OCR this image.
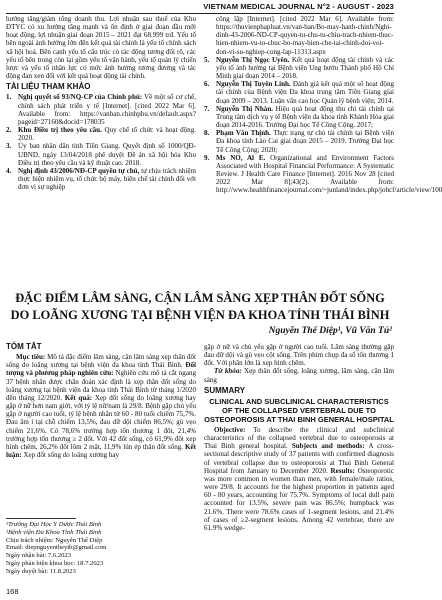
VIETNAM MEDICAL JOURNAL N°2 - AUGUST - 2023

hướng tăng/giảm tổng doanh thu. Lợi nhuận sau thuế của Khu ĐTYC có xu hướng tăng mạnh và ổn định ở giai đoạn đầu mới hoạt động, lợi nhuận giai đoạn 2015 – 2021 đạt 68.999 trđ. Yếu tố bên ngoài ảnh hưởng lớn đến kết quả tài chính là yếu tố chính sách xã hội hoá. Bên cạnh yếu tố cấu trúc có tác động tương đối rõ, các yếu tố bên trong còn lại gồm yếu tố vận hành, yếu tố quản lý chiến lược và yếu tố nhân lực có mức ảnh hưởng tương đương và tác động đan xen đối với kết quả hoạt động tài chính.

TÀI LIỆU THAM KHẢO
1. Nghị quyết số 93/NQ-CP của Chính phủ: Về một số cơ chế, chính sách phát triển y tế [Internet]. [cited 2022 Mar 6]. Available from: https://vanban.chinhphu.vn/default.aspx?pageid=27160&docid=178035
2. Khu Điều trị theo yêu cầu. Quy chế tổ chức và hoạt động. 2020.
3. Ủy ban nhân dân tỉnh Tiền Giang. Quyết định số 1000/QĐ-UBND, ngày 13/04/2018 phê duyệt Đề án xã hội hóa Khu Điều trị theo yêu cầu và kỹ thuật cao. 2018.
4. Nghị định 43/2006/NĐ-CP quyền tự chủ, tự chịu trách nhiệm thực hiện nhiệm vụ, tổ chức bộ máy, biên chế tài chính đối với đơn vị sự nghiệp

công lập [Internet]. [cited 2022 Mar 6]. Available from: https://thuvienphapluat.vn/van-ban/Bo-may-hanh-chinh/Nghi-dinh-43-2006-ND-CP-quyen-tu-chu-tu-chiu-trach-nhiem-thuc-hien-nhiem-vu-to-chuc-bo-may-bien-che-tai-chinh-doi-voi-don-vi-su-nghiep-cong-lap-11313.aspx

5. Nguyễn Thị Ngọc Uyên. Kết quả hoạt động tài chính và các yếu tố ảnh hưởng tại Bệnh viện Ung bướu Thành phố Hồ Chí Minh giai đoạn 2014 – 2018.
6. Nguyễn Thị Tuyên Linh. Đánh giá kết quả một số hoạt động tài chính của Bệnh viện Đa khoa trung tâm Tiền Giang giai đoạn 2009 – 2013. Luận văn cao học Quản lý bệnh viện; 2014.
7. Nguyễn Thị Nhàn. Hiệu quả hoạt động thu chi tài chính tại Trung tâm dịch vụ y tế Bệnh viện đa khoa tỉnh Khánh Hòa giai đoạn 2014-2016. Trường Đại học Tế Công Cộng. 2017;
8. Phạm Văn Thịnh. Thực trạng tự chủ tài chính tại Bệnh viện Đa khoa tỉnh Lào Cai giai đoạn 2015 – 2019. Trường Đại học Tế Công Cộng; 2020;
9. Ms NO, Al E. Organizational and Environment Factors Associated with Hospital Financial Performance: A Systematic Review. J Health Care Finance [Internet]. 2016 Nov 28 [cited 2022 Mar 8];43(2). Available from: http://www.healthfinancejournal.com/~junland/index.php/johcf/article/view/100
ĐẶC ĐIỂM LÂM SÀNG, CẬN LÂM SÀNG XẸP THÂN ĐỐT SỐNG
DO LOÃNG XƯƠNG TẠI BỆNH VIỆN ĐA KHOA TỈNH THÁI BÌNH
Nguyễn Thế Diệp¹, Vũ Văn Tú²
TÓM TẮT

Mục tiêu: Mô tả đặc điểm lâm sàng, cận lâm sàng xẹp thân đốt sống do loãng xương tại bệnh viện đa khoa tỉnh Thái Bình. Đối tượng và phương pháp nghiên cứu: Nghiên cứu mô tả cắt ngang 37 bệnh nhân được chẩn đoán xác định là xẹp thân đốt sống do loãng xương tại bệnh viện đa khoa tỉnh Thái Bình từ tháng 1/2020 đến tháng 12/2020. Kết quả: Xẹp đốt sống do loãng xương hay gặp ở nữ hơn nam giới, với tỷ lệ nữ/nam là 29/8. Bệnh gặp chủ yếu gặp ở người cao tuổi, tỷ lệ bệnh nhân từ 60 - 80 tuổi chiếm 75,7%. Đau âm ỉ tại chỗ chiếm 13,5%, đau dữ dội chiếm 86,5%; gù vẹo chiếm 21,6%. Có 78,6% trường hợp tổn thương 1 đốt, 21,4% trường hợp tổn thương ≥ 2 đốt. Với 42 đốt sống, có 61,9% đốt xẹp hình chêm, 26,2% đốt lõm 2 mặt, 11,9% lún ép thân đốt sống. Kết luận: Xẹp đốt sống do loãng xương hay

gặp ở nữ và chủ yếu gặp ở người cao tuổi. Lâm sàng thường gặp đau dữ dội và gù vẹo cột sống. Trên phim chụp đa số tổn thương 1 đốt. Với phân lớn là xẹp hình chêm.

Từ khóa: Xẹp thân đốt sống, loãng xương, lâm sàng, cận lâm sàng

SUMMARY
CLINICAL AND SUBCLINICAL CHARACTERISTICS OF THE COLLAPSED VERTEBRAL DUE TO OSTEOPOROSIS AT THAI BINH GENERAL HOSPITAL

Objective: To describe the clinical and subclinical characteristics of the collapsed vertebral due to osteoporosis at Thai Binh general hospital. Subjects and methods: A cross-sectional descriptive study of 37 patients with confirmed diagnosis of vertebral collapse due to osteoporosis at Thai Binh General Hospital from January to December 2020. Results: Osteoporotic was more common in women than men, with female/male ratios, were 29/8. It accounts for the highest proportion in patients aged 60 - 80 years, accounting for 75.7%. Symptoms of local dull pain accounted for 13.5%, severe pain was 86.5%; humpback was 21.6%. There were 78.6% cases of 1-segment lesions, and 21.4% of cases of ≥2-segment lesions. Among 42 vertebrae, there are 61.9% wedge-

¹Trường Đại Học Y Dược Thái Bình
²Bệnh viện Đa Khoa Tỉnh Thái Bình
Chịu trách nhiệm: Nguyễn Thế Diệp
Email: diepnguyentheytb@gmail.com
Ngày nhận bài: 7.6.2023
Ngày phản biện khoa học: 18.7.2023
Ngày duyệt bài: 11.8.2023
168
